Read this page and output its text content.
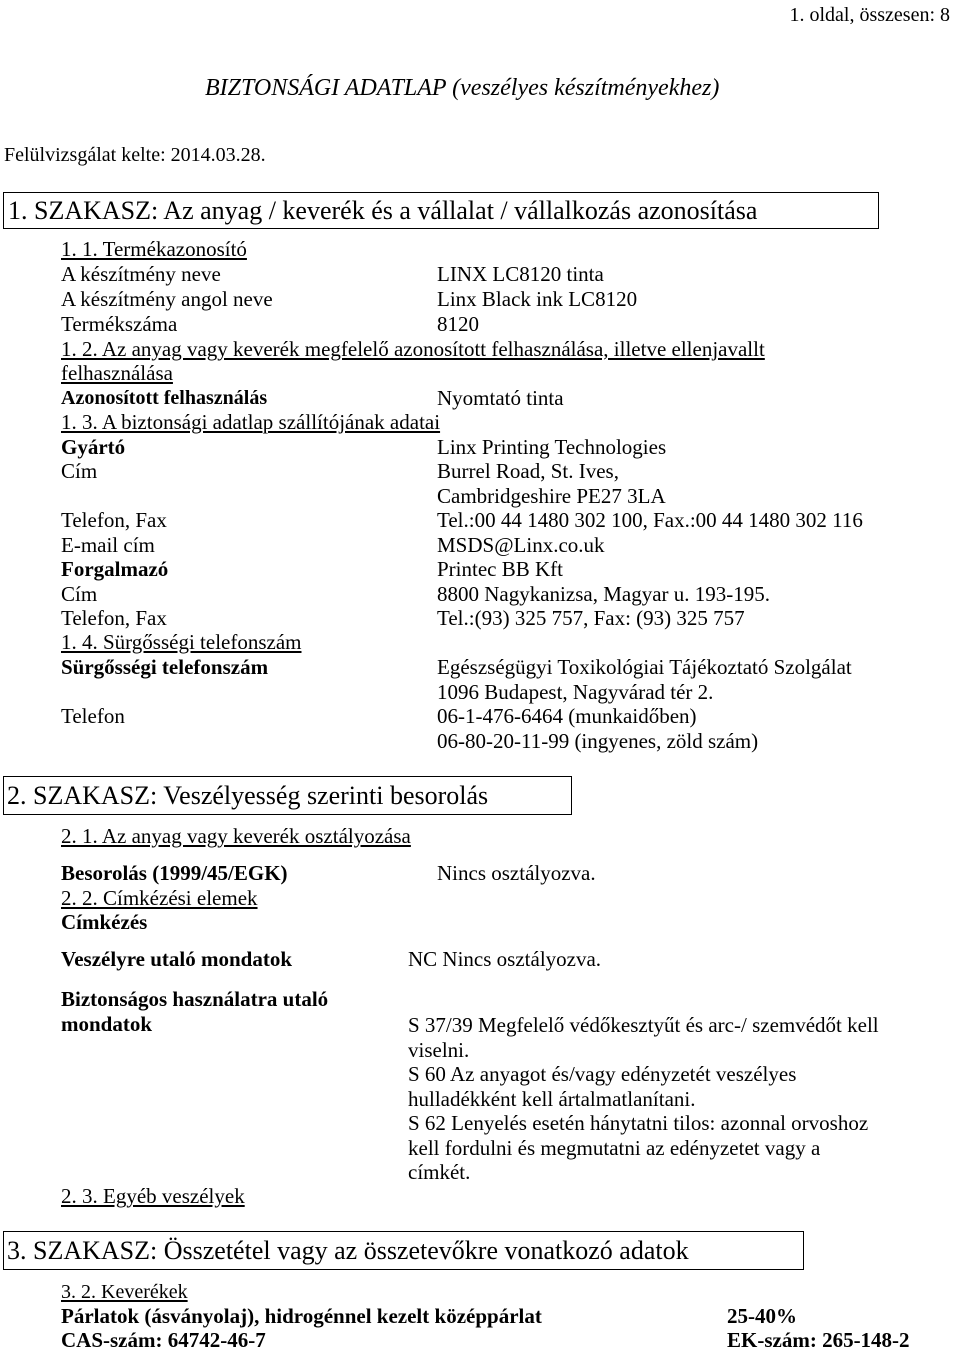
1. oldal, összesen: 8
BIZTONSÁGI ADATLAP (veszélyes készítményekhez)
Felülvizsgálat kelte: 2014.03.28.
1. SZAKASZ: Az anyag / keverék és a vállalat / vállalkozás azonosítása
1. 1. Termékazonosító
A készítmény neve	LINX LC8120 tinta
A készítmény angol neve	Linx Black ink LC8120
Termékszáma	8120
1. 2. Az anyag vagy keverék megfelelő azonosított felhasználása, illetve ellenjavallt
felhasználása
Azonosított felhasználás	Nyomtató tinta
1. 3. A biztonsági adatlap szállítójának adatai
Gyártó	Linx Printing Technologies
Cím	Burrel Road, St. Ives,
Cambridgeshire PE27 3LA
Telefon, Fax	Tel.:00 44 1480 302 100, Fax.:00 44 1480 302 116
E-mail cím	MSDS@Linx.co.uk
Forgalmazó	Printec BB Kft
Cím	8800 Nagykanizsa, Magyar u. 193-195.
Telefon, Fax	Tel.:(93) 325 757, Fax: (93) 325 757
1. 4. Sürgősségi telefonszám
Sürgősségi telefonszám	Egészségügyi Toxikológiai Tájékoztató Szolgálat
1096 Budapest, Nagyvárad tér 2.
Telefon	06-1-476-6464 (munkaidőben)
06-80-20-11-99 (ingyenes, zöld szám)
2. SZAKASZ: Veszélyesség szerinti besorolás
2. 1. Az anyag vagy keverék osztályozása
Besorolás (1999/45/EGK)	Nincs osztályozva.
2. 2. Címkézési elemek
Címkézés
Veszélyre utaló mondatok	NC Nincs osztályozva.
Biztonságos használatra utaló
mondatok	S 37/39 Megfelelő védőkesztyűt és arc-/ szemvédőt kell
viselni.
S 60 Az anyagot és/vagy edényzetét veszélyes
hulladékként kell ártalmatlanítani.
S 62 Lenyelés esetén hánytatni tilos: azonnal orvoshoz
kell fordulni és megmutatni az edényzetet vagy a
címkét.
2. 3. Egyéb veszélyek
3. SZAKASZ: Összetétel vagy az összetevőkre vonatkozó adatok
3. 2. Keverékek
Párlatok (ásványolaj), hidrogénnel kezelt középpárlat	25-40%
CAS-szám: 64742-46-7	EK-szám: 265-148-2
